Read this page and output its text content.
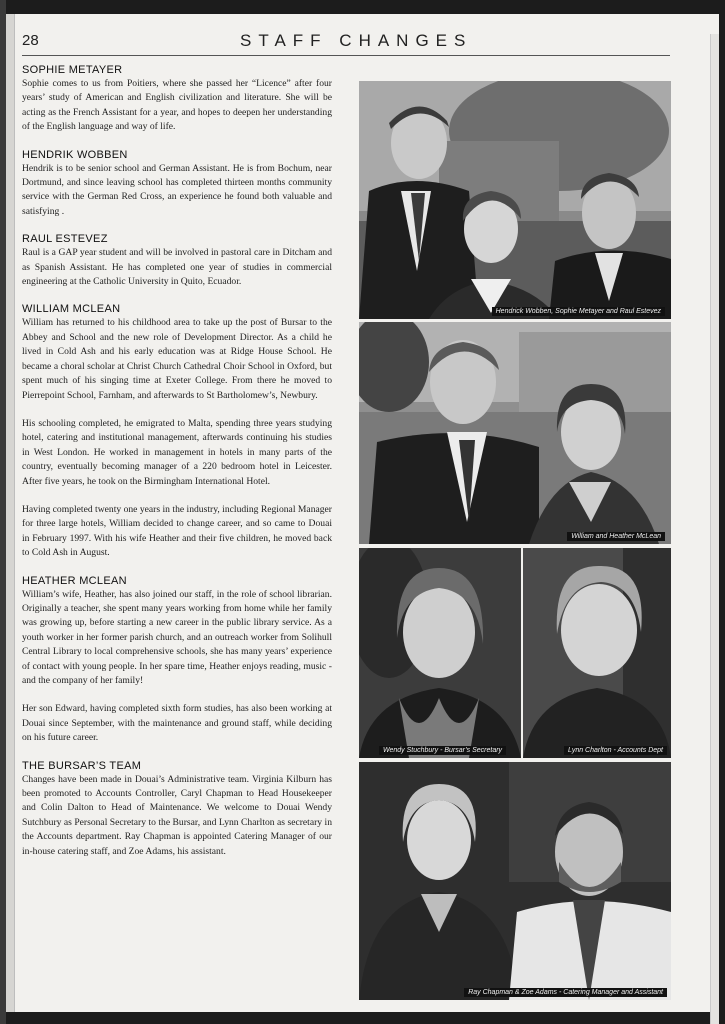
28	STAFF CHANGES
SOPHIE METAYER

Sophie comes to us from Poitiers, where she passed her “Licence” after four years’ study of American and English civilization and literature. She will be acting as the French Assistant for a year, and hopes to deepen her understanding of the English language and way of life.

HENDRIK WOBBEN

Hendrik is to be senior school and German Assistant. He is from Bochum, near Dortmund, and since leaving school has completed thirteen months community service with the German Red Cross, an experience he found both valuable and satisfying .

RAUL ESTEVEZ

Raul is a GAP year student and will be involved in pastoral care in Ditcham and as Spanish Assistant. He has completed one year of studies in commercial engineering at the Catholic University in Quito, Ecuador.

WILLIAM MCLEAN

William has returned to his childhood area to take up the post of Bursar to the Abbey and School and the new role of Development Director. As a child he lived in Cold Ash and his early education was at Ridge House School. He became a choral scholar at Christ Church Cathedral Choir School in Oxford, but spent much of his singing time at Exeter College. From there he moved to Pierrepoint School, Farnham, and afterwards to St Bartholomew’s, Newbury.

His schooling completed, he emigrated to Malta, spending three years studying hotel, catering and institutional management, afterwards continuing his studies in West London. He worked in management in hotels in many parts of the country, eventually becoming manager of a 220 bedroom hotel in Leicester. After five years, he took on the Birmingham International Hotel.

Having completed twenty one years in the industry, including Regional Manager for three large hotels, William decided to change career, and so came to Douai in February 1997. With his wife Heather and their five children, he moved back to Cold Ash in August.

HEATHER MCLEAN

William’s wife, Heather, has also joined our staff, in the role of school librarian. Originally a teacher, she spent many years working from home while her family was growing up, before starting a new career in the public library service. As a youth worker in her former parish church, and an outreach worker from Solihull Central Library to local comprehensive schools, she has many years’ experience of contact with young people. In her spare time, Heather enjoys reading, music - and the company of her family!

Her son Edward, having completed sixth form studies, has also been working at Douai since September, with the maintenance and ground staff, while deciding on his future career.

THE BURSAR’S TEAM

Changes have been made in Douai’s Administrative team. Virginia Kilburn has been promoted to Accounts Controller, Caryl Chapman to Head Housekeeper and Colin Dalton to Head of Maintenance. We welcome to Douai Wendy Sutchbury as Personal Secretary to the Bursar, and Lynn Charlton as secretary in the Accounts department. Ray Chapman is appointed Catering Manager of our in-house catering staff, and Zoe Adams, his assistant.

Hendrick Wobben, Sophie Metayer and Raul Estevez
William and Heather McLean
Wendy Stuchbury - Bursar’s Secretary	Lynn Charlton - Accounts Dept
Ray Chapman & Zoe Adams - Catering Manager and Assistant
